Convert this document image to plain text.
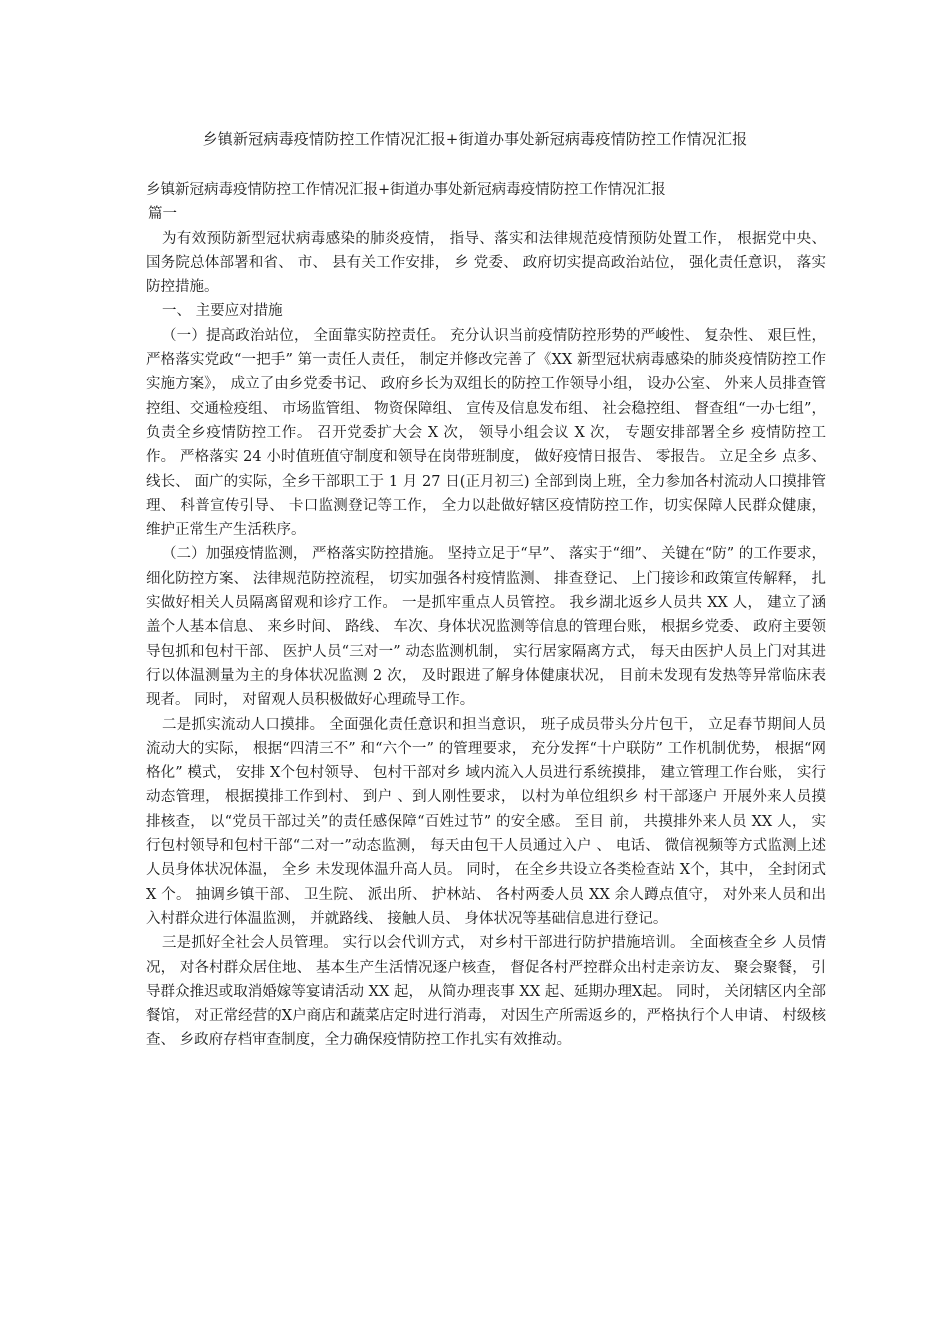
乡镇新冠病毒疫情防控工作情况汇报+街道办事处新冠病毒疫情防控工作情况汇报

乡镇新冠病毒疫情防控工作情况汇报+街道办事处新冠病毒疫情防控工作情况汇报

篇一

为有效预防新型冠状病毒感染的肺炎疫情， 指导、落实和法律规范疫情预防处置工作， 根据党中央、 国务院总体部署和省、 市、 县有关工作安排， 乡 党委、 政府切实提高政治站位， 强化责任意识， 落实防控措施。

一、 主要应对措施

（一）提高政治站位， 全面靠实防控责任。 充分认识当前疫情防控形势的严峻性、 复杂性、 艰巨性， 严格落实党政“一把手” 第一责任人责任， 制定并修改完善了《XX 新型冠状病毒感染的肺炎疫情防控工作实施方案》， 成立了由乡党委书记、 政府乡长为双组长的防控工作领导小组， 设办公室、 外来人员排查管控组、交通检疫组、 市场监管组、 物资保障组、 宣传及信息发布组、 社会稳控组、 督查组“一办七组”， 负责全乡疫情防控工作。 召开党委扩大会 X 次， 领导小组会议 X 次， 专题安排部署全乡 疫情防控工作。 严格落实 24 小时值班值守制度和领导在岗带班制度， 做好疫情日报告、 零报告。 立足全乡 点多、 线长、 面广的实际，全乡干部职工于 1 月 27 日(正月初三) 全部到岗上班，全力参加各村流动人口摸排管理、 科普宣传引导、 卡口监测登记等工作， 全力以赴做好辖区疫情防控工作，切实保障人民群众健康， 维护正常生产生活秩序。

（二）加强疫情监测， 严格落实防控措施。 坚持立足于“早”、 落实于“细”、 关键在“防” 的工作要求，细化防控方案、 法律规范防控流程， 切实加强各村疫情监测、 排查登记、 上门接诊和政策宣传解释， 扎实做好相关人员隔离留观和诊疗工作。 一是抓牢重点人员管控。 我乡湖北返乡人员共 XX 人， 建立了涵盖个人基本信息、 来乡时间、 路线、 车次、身体状况监测等信息的管理台账， 根据乡党委、 政府主要领导包抓和包村干部、 医护人员“三对一” 动态监测机制， 实行居家隔离方式， 每天由医护人员上门对其进行以体温测量为主的身体状况监测 2 次， 及时跟进了解身体健康状况， 目前未发现有发热等异常临床表现者。 同时， 对留观人员积极做好心理疏导工作。

二是抓实流动人口摸排。 全面强化责任意识和担当意识， 班子成员带头分片包干， 立足春节期间人员流动大的实际， 根据“四清三不” 和“六个一” 的管理要求， 充分发挥“十户联防” 工作机制优势， 根据“网格化” 模式， 安排 X个包村领导、 包村干部对乡 域内流入人员进行系统摸排， 建立管理工作台账， 实行动态管理， 根据摸排工作到村、 到户 、到人刚性要求， 以村为单位组织乡 村干部逐户 开展外来人员摸排核查， 以“党员干部过关”的责任感保障“百姓过节” 的安全感。 至目 前， 共摸排外来人员 XX 人， 实行包村领导和包村干部“二对一”动态监测， 每天由包干人员通过入户 、 电话、 微信视频等方式监测上述人员身体状况体温， 全乡 未发现体温升高人员。 同时， 在全乡共设立各类检查站 X个，其中， 全封闭式 X 个。 抽调乡镇干部、 卫生院、 派出所、 护林站、 各村两委人员 XX 余人蹲点值守， 对外来人员和出入村群众进行体温监测， 并就路线、 接触人员、 身体状况等基础信息进行登记。

三是抓好全社会人员管理。 实行以会代训方式， 对乡村干部进行防护措施培训。 全面核查全乡 人员情况， 对各村群众居住地、 基本生产生活情况逐户核查， 督促各村严控群众出村走亲访友、 聚会聚餐， 引导群众推迟或取消婚嫁等宴请活动 XX 起， 从简办理丧事 XX 起、延期办理X起。 同时， 关闭辖区内全部餐馆， 对正常经营的X户商店和蔬菜店定时进行消毒， 对因生产所需返乡的，严格执行个人申请、 村级核查、 乡政府存档审查制度，全力确保疫情防控工作扎实有效推动。
